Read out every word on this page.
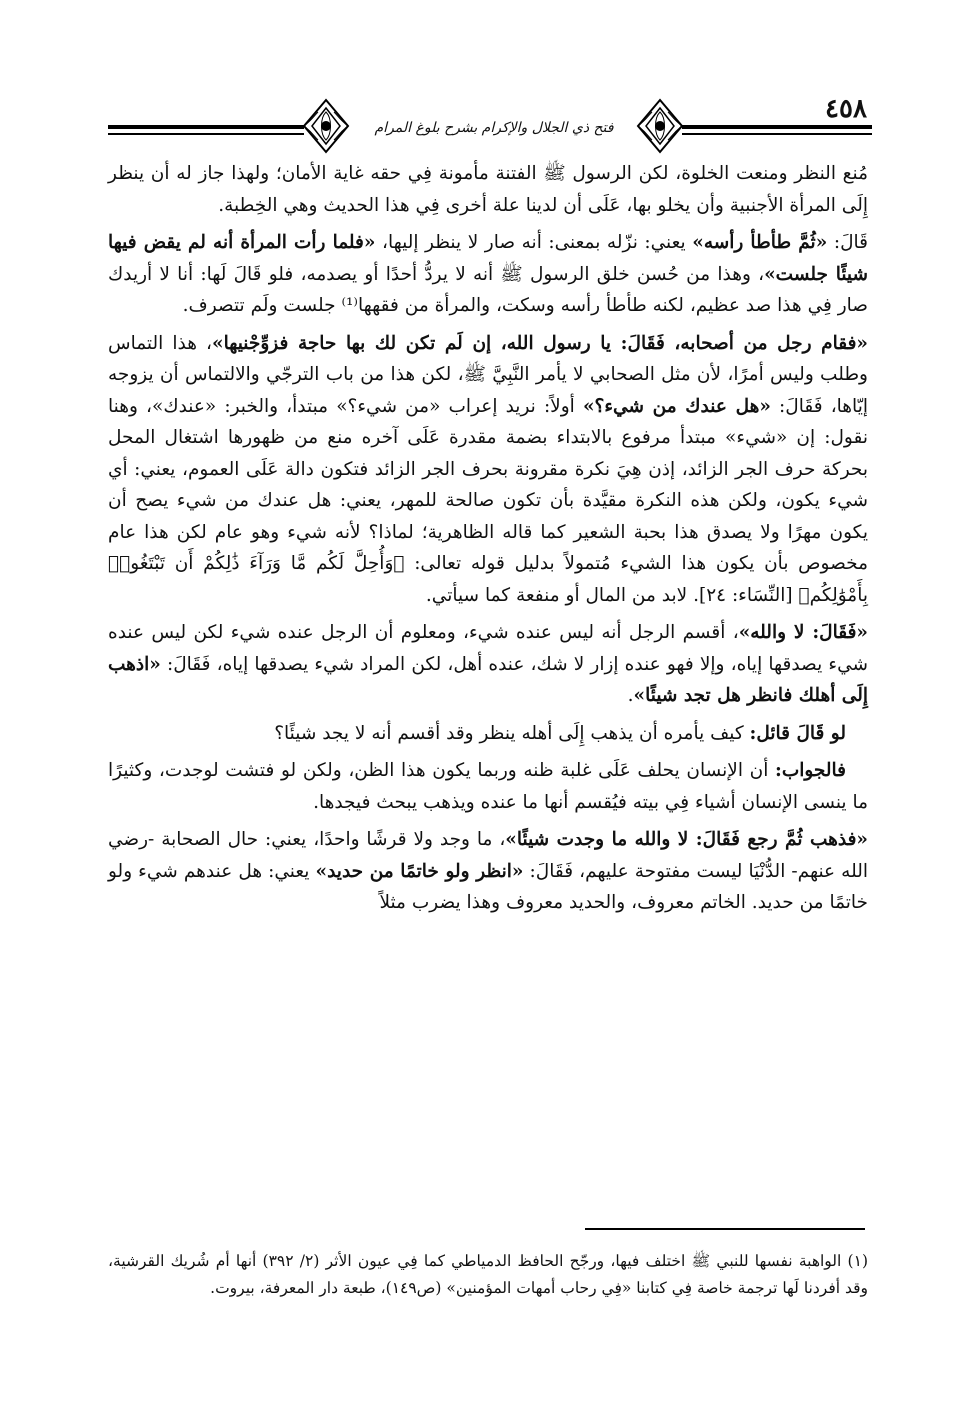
فتح ذي الجلال والإكرام بشرح بلوغ المرام
٤٥٨

مُنع النظر ومنعت الخلوة، لكن الرسول ﷺ الفتنة مأمونة فِي حقه غاية الأمان؛ ولهذا جاز له أن ينظر إِلَى المرأة الأجنبية وأن يخلو بها، عَلَى أن لدينا علة أخرى فِي هذا الحديث وهي الخِطبة.

قَالَ: «ثُمَّ طأطأ رأسه» يعني: نزّله بمعنى: أنه صار لا ينظر إليها، «فلما رأت المرأة أنه لم يقض فيها شيئًا جلست»، وهذا من حُسن خلق الرسول ﷺ أنه لا يردُّ أحدًا أو يصدمه، فلو قَالَ لَها: أنا لا أريدك صار فِي هذا صد عظيم، لكنه طأطأ رأسه وسكت، والمرأة من فقهها⁽¹⁾ جلست ولَم تتصرف.

«فقام رجل من أصحابه، فَقَالَ: يا رسول الله، إن لَم تكن لك بها حاجة فزوِّجْنيها»، هذا التماس وطلب وليس أمرًا، لأن مثل الصحابي لا يأمر النَّبِيَّ ﷺ، لكن هذا من باب الترجّي والالتماس أن يزوجه إيّاها، فَقَالَ: «هل عندك من شيء؟» أولاً: نريد إعراب «من شيء؟» مبتدأ، والخبر: «عندك»، وهنا نقول: إن «شيء» مبتدأ مرفوع بالابتداء بضمة مقدرة عَلَى آخره منع من ظهورها اشتغال المحل بحركة حرف الجر الزائد، إذن هِيَ نكرة مقرونة بحرف الجر الزائد فتكون دالة عَلَى العموم، يعني: أي شيء يكون، ولكن هذه النكرة مقيَّدة بأن تكون صالحة للمهر، يعني: هل عندك من شيء يصح أن يكون مهرًا ولا يصدق هذا بحبة الشعير كما قاله الظاهرية؛ لماذا؟ لأنه شيء وهو عام لكن هذا عام مخصوص بأن يكون هذا الشيء مُتمولاً بدليل قوله تعالى: ﴿وَأُحِلَّ لَكُم مَّا وَرَآءَ ذَٰلِكُمْ أَن تَبْتَغُوا۟ بِأَمْوَٰلِكُم﴾ [النِّسَاء: ٢٤]. لابد من المال أو منفعة كما سيأتي.

«فَقَالَ: لا والله»، أقسم الرجل أنه ليس عنده شيء، ومعلوم أن الرجل عنده شيء لكن ليس عنده شيء يصدقها إياه، وإلا فهو عنده إزار لا شك، عنده أهل، لكن المراد شيء يصدقها إياه، فَقَالَ: «اذهب إِلَى أهلك فانظر هل تجد شيئًا».

لو قَالَ قائل: كيف يأمره أن يذهب إِلَى أهله ينظر وقد أقسم أنه لا يجد شيئًا؟

فالجواب: أن الإنسان يحلف عَلَى غلبة ظنه وربما يكون هذا الظن، ولكن لو فتشت لوجدت، وكثيرًا ما ينسى الإنسان أشياء فِي بيته فيُقسم أنها ما عنده ويذهب يبحث فيجدها.

«فذهب ثُمَّ رجع فَقَالَ: لا والله ما وجدت شيئًا»، ما وجد ولا قرشًا واحدًا، يعني: حال الصحابة -رضي الله عنهم- الدُّنْيَا ليست مفتوحة عليهم، فَقَالَ: «انظر ولو خاتمًا من حديد» يعني: هل عندهم شيء ولو خاتمًا من حديد. الخاتم معروف، والحديد معروف وهذا يضرب مثلاً

(١) الواهبة نفسها للنبي ﷺ اختلف فيها، ورجّح الحافظ الدمياطي كما فِي عيون الأثر (٢/ ٣٩٢) أنها أم شُريك القرشية، وقد أفردنا لَها ترجمة خاصة فِي كتابنا «فِي رحاب أمهات المؤمنين» (ص١٤٩)، طبعة دار المعرفة، بيروت.
